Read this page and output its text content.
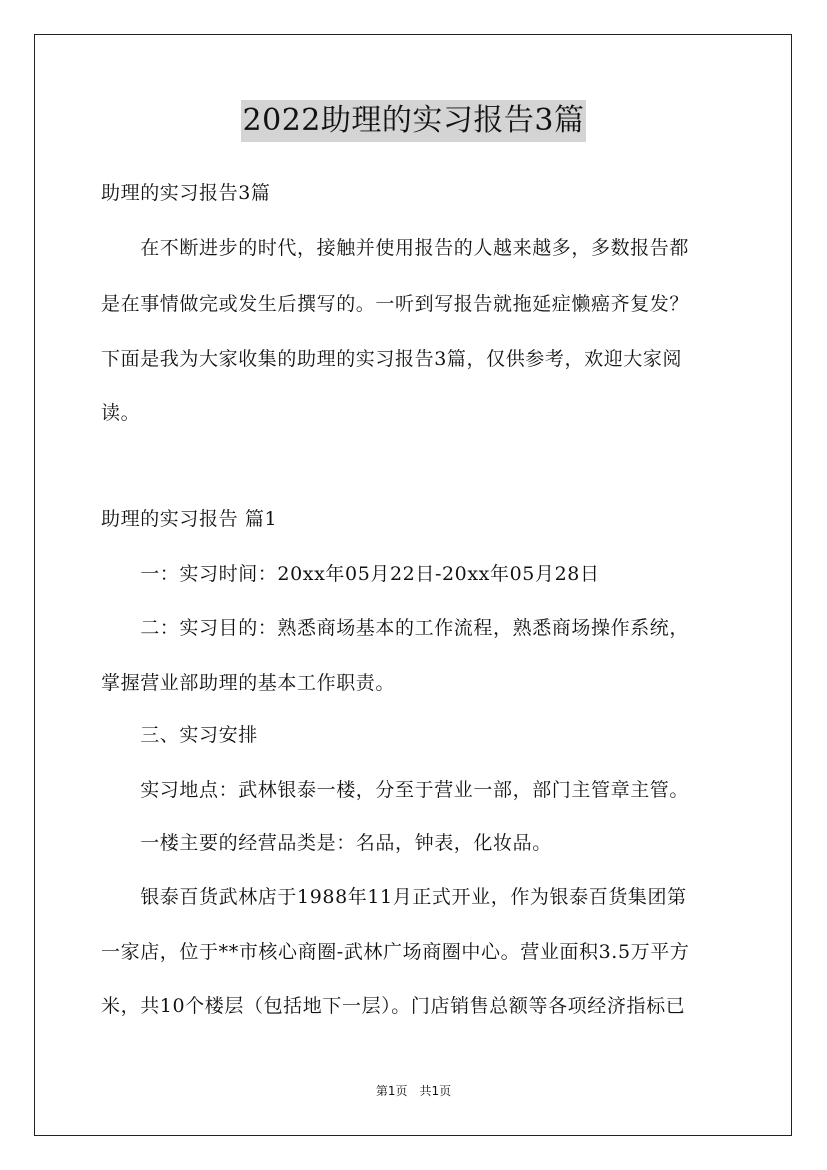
2022助理的实习报告3篇
助理的实习报告3篇
　　在不断进步的时代，接触并使用报告的人越来越多，多数报告都
是在事情做完或发生后撰写的。一听到写报告就拖延症懒癌齐复发？
下面是我为大家收集的助理的实习报告3篇，仅供参考，欢迎大家阅
读。
助理的实习报告 篇1
　　一：实习时间：20xx年05月22日-20xx年05月28日
　　二：实习目的：熟悉商场基本的工作流程，熟悉商场操作系统，
掌握营业部助理的基本工作职责。
　　三、实习安排
　　实习地点：武林银泰一楼，分至于营业一部，部门主管章主管。
　　一楼主要的经营品类是：名品，钟表，化妆品。
　　银泰百货武林店于1988年11月正式开业，作为银泰百货集团第
一家店，位于**市核心商圈-武林广场商圈中心。营业面积3.5万平方
米，共10个楼层（包括地下一层）。门店销售总额等各项经济指标已
第1页　共1页
